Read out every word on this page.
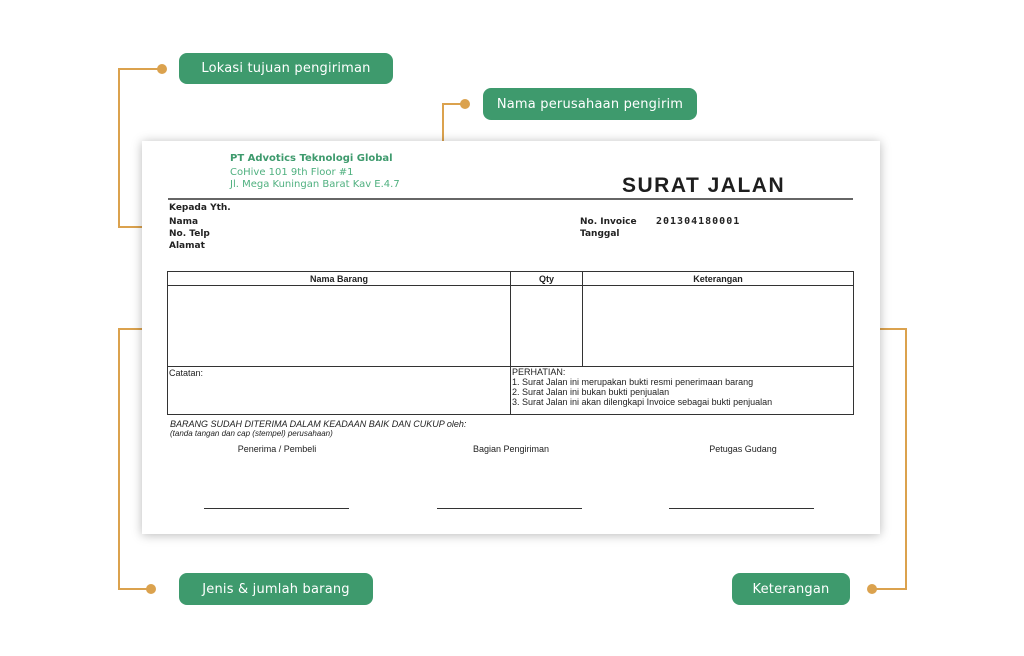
Lokasi tujuan pengiriman
Nama perusahaan pengirim
Jenis & jumlah barang	Keterangan
PT Advotics Teknologi Global
CoHive 101 9th Floor #1
Jl. Mega Kuningan Barat Kav E.4.7	SURAT JALAN
Kepada Yth.
Nama
No. Telp
Alamat
No. Invoice 201304180001
Tanggal
Nama Barang	Qty	Keterangan
Catatan:	PERHATIAN:
1. Surat Jalan ini merupakan bukti resmi penerimaan barang
2. Surat Jalan ini bukan bukti penjualan
3. Surat Jalan ini akan dilengkapi Invoice sebagai bukti penjualan
BARANG SUDAH DITERIMA DALAM KEADAAN BAIK DAN CUKUP oleh:
(tanda tangan dan cap (stempel) perusahaan)
Penerima / Pembeli	Bagian Pengiriman	Petugas Gudang
